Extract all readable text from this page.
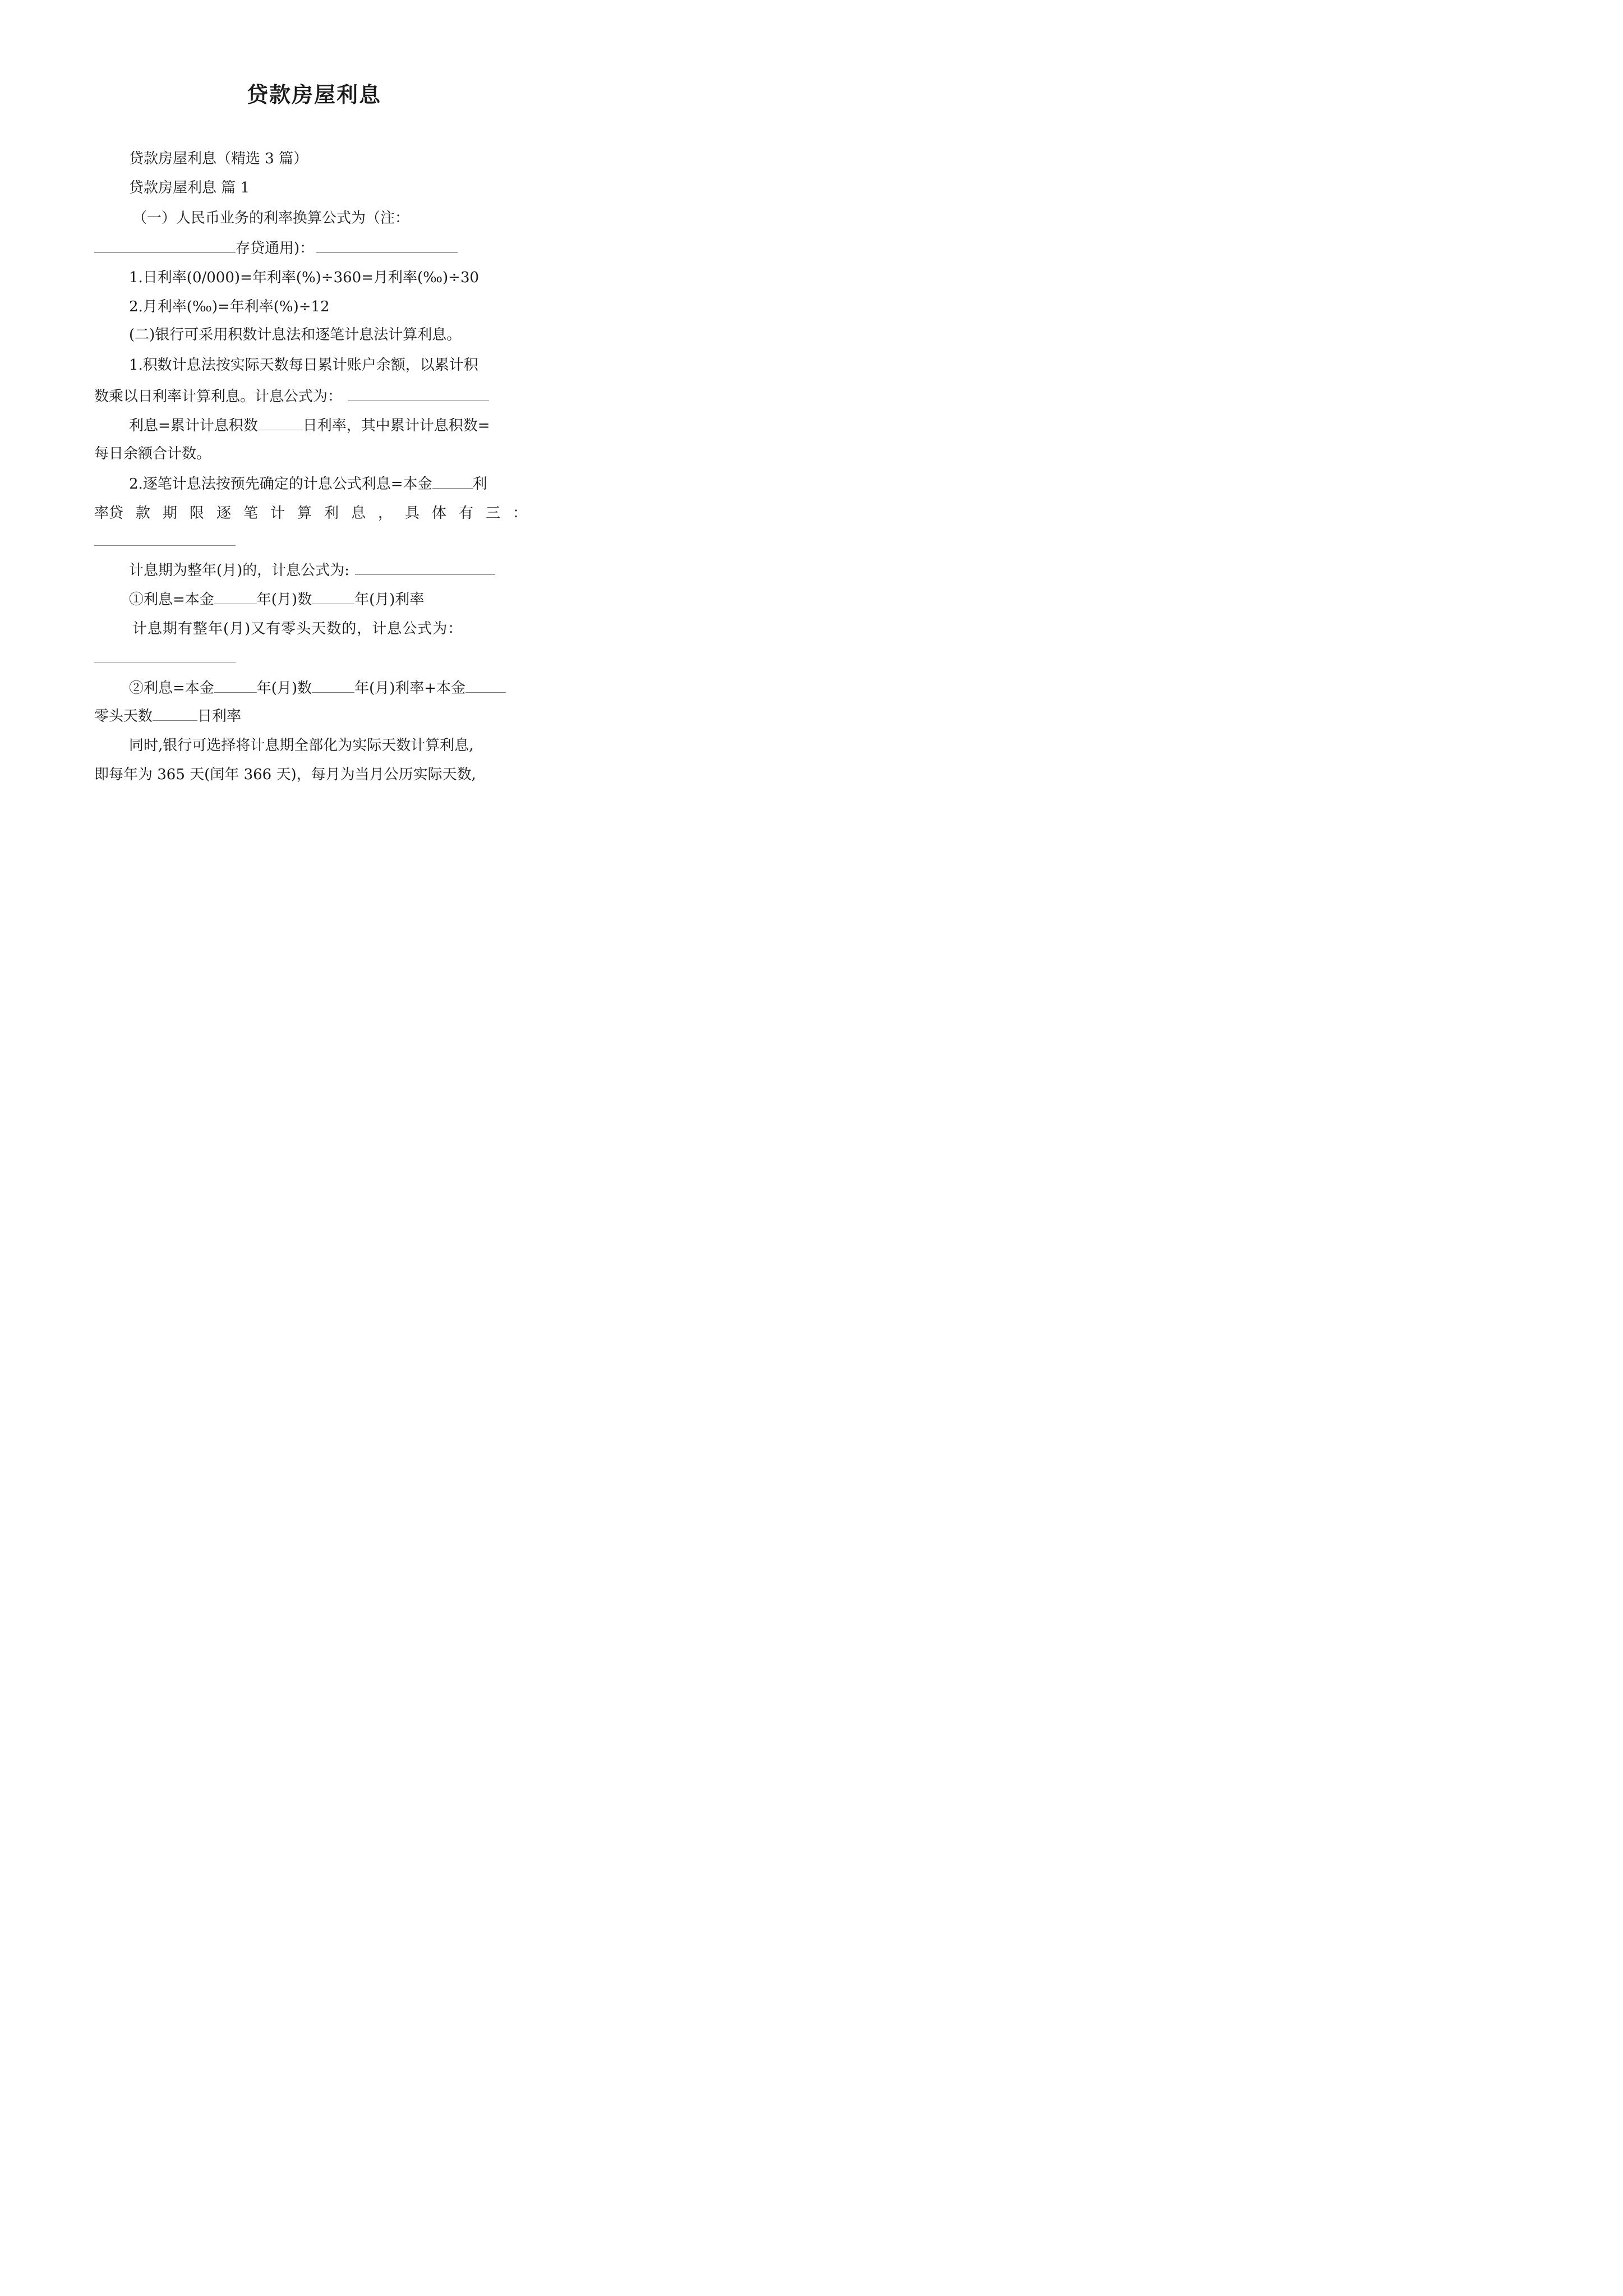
贷款房屋利息
贷款房屋利息（精选 3 篇）
贷款房屋利息 篇 1
（一）人民币业务的利率换算公式为（注：
存贷通用)：
1.日利率(0/000)=年利率(%)÷360=月利率(‰)÷30
2.月利率(‰)=年利率(%)÷12
(二)银行可采用积数计息法和逐笔计息法计算利息。
1.积数计息法按实际天数每日累计账户余额，以累计积
数乘以日利率计算利息。计息公式为：
利息=累计计息积数	日利率，其中累计计息积数=
每日余额合计数。
2.逐笔计息法按预先确定的计息公式利息=本金	利
率 贷款期限逐笔计算利息，具体有三：
计息期为整年(月)的，计息公式为:
①利息=本金	年(月)数	年(月)利率
计息期有整年(月)又有零头天数的，计息公式为：
②利息=本金	年(月)数	年(月)利率+本金
零头天数	日利率
同时,银行可选择将计息期全部化为实际天数计算利息,
即每年为 365 天(闰年 366 天)，每月为当月公历实际天数,
